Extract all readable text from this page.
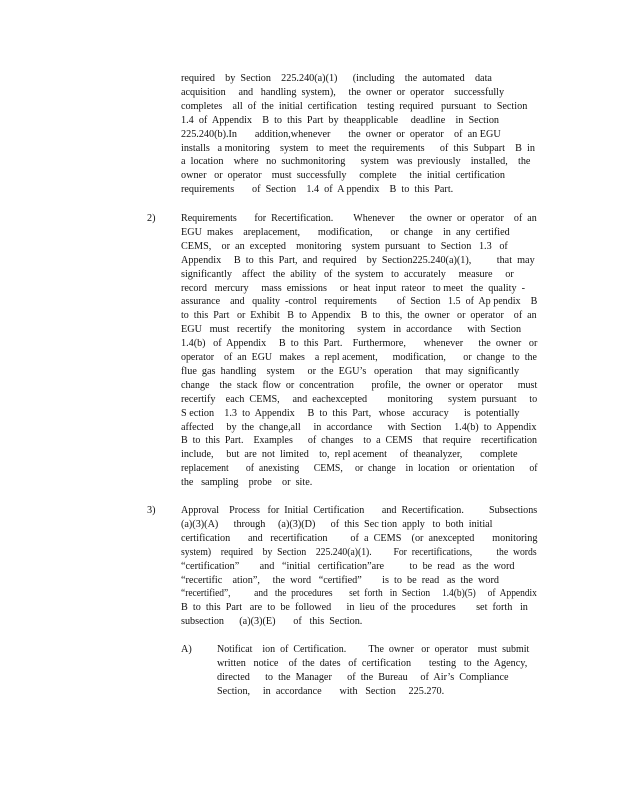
required    by  Section    225.240(a)(1)      (including    the  automated    data
acquisition     and   handling  system),     the  owner  or  operator    successfully
completes    all  of  the  initial  certification    testing  required   pursuant   to  Section
1.4  of  Appendix    B  to  this  Part  by  theapplicable     deadline    in  Section
225.240(b).In       addition,whenever       the  owner  or  operator    of  an EGU
installs   a monitoring    system   to  meet  the  requirements      of  this  Subpart    B  in
a  location    where   no  suchmonitoring      system   was  previously    installed,    the
owner   or  operator    must  successfully     complete     the  initial  certification
requirements       of  Section    1.4  of  A ppendix    B  to  this  Part.
2)	Requirements       for  Recertification.        Whenever      the  owner  or  operator    of  an
EGU  makes    areplacement,       modification,       or  change    in  any  certified
CEMS,    or  an  excepted    monitoring    system  pursuant   to  Section   1.3   of
Appendix     B  to  this  Part,  and  required    by  Section225.240(a)(1),          that  may
significantly    affect   the  ability   of  the  system   to  accurately     measure     or
record   mercury     mass  emissions     or  heat  input  rateor   to meet   the  quality  -
assurance    and   quality  -control   requirements        of  Section   1.5  of  Ap pendix    B
to  this  Part   or  Exhibit   B  to  Appendix    B  to  this,  the  owner   or  operator    of  an
EGU   must   recertify    the  monitoring     system   in  accordance      with  Section
1.4(b)   of  Appendix     B  to  this  Part.    Furthermore,       whenever      the  owner   or
operator    of  an  EGU   makes    a  repl acement,      modification,       or  change   to  the
flue  gas  handling    system     or  the  EGU’s   operation     that  may  significantly
change    the  stack  flow  or  concentration       profile,   the  owner  or  operator      must
recertify    each  CEMS,     and  eachexcepted        monitoring      system  pursuant     to
S ection    1.3  to  Appendix     B  to  this  Part,   whose   accuracy      is  potentially
affected     by  the  change,all     in  accordance      with  Section     1.4(b)  to  Appendix
B  to  this  Part.    Examples      of  changes    to  a  CEMS    that  require    recertification
include,     but  are  not  limited    to,  repl acement     of  theanalyzer,       complete
replacement       of  anexisting      CEMS,     or  change    in  location    or  orientation      of
the   sampling    probe    or  site.
3)	Approval    Process   for  Initial  Certification       and  Recertification.          Subsections
(a)(3)(A)      through     (a)(3)(D)      of  this  Sec tion  apply   to  both  initial
certification       and   recertification         of  a  CEMS    (or  anexcepted       monitoring
system)    required    by  Section    225.240(a)(1).         For  recertifications,          the  words
“certification”        and   “initial   certification”are          to  be  read   as  the  word
“recertific    ation”,     the  word   “certified”        is  to  be  read   as  the  word
“recertified”,          and   the  procedures       set  forth   in  Section     1.4(b)(5)     of  Appendix
B  to  this  Part   are  to  be  followed      in  lieu  of  the  procedures        set  forth   in
subsection      (a)(3)(E)       of   this  Section.
A) Notificat    ion  of  Certification.         The  owner   or  operator    must  submit
written   notice    of  the  dates   of  certification       testing   to  the  Agency,
directed      to  the  Manager      of  the  Bureau     of  Air’s  Compliance
Section,     in  accordance       with   Section     225.270.
